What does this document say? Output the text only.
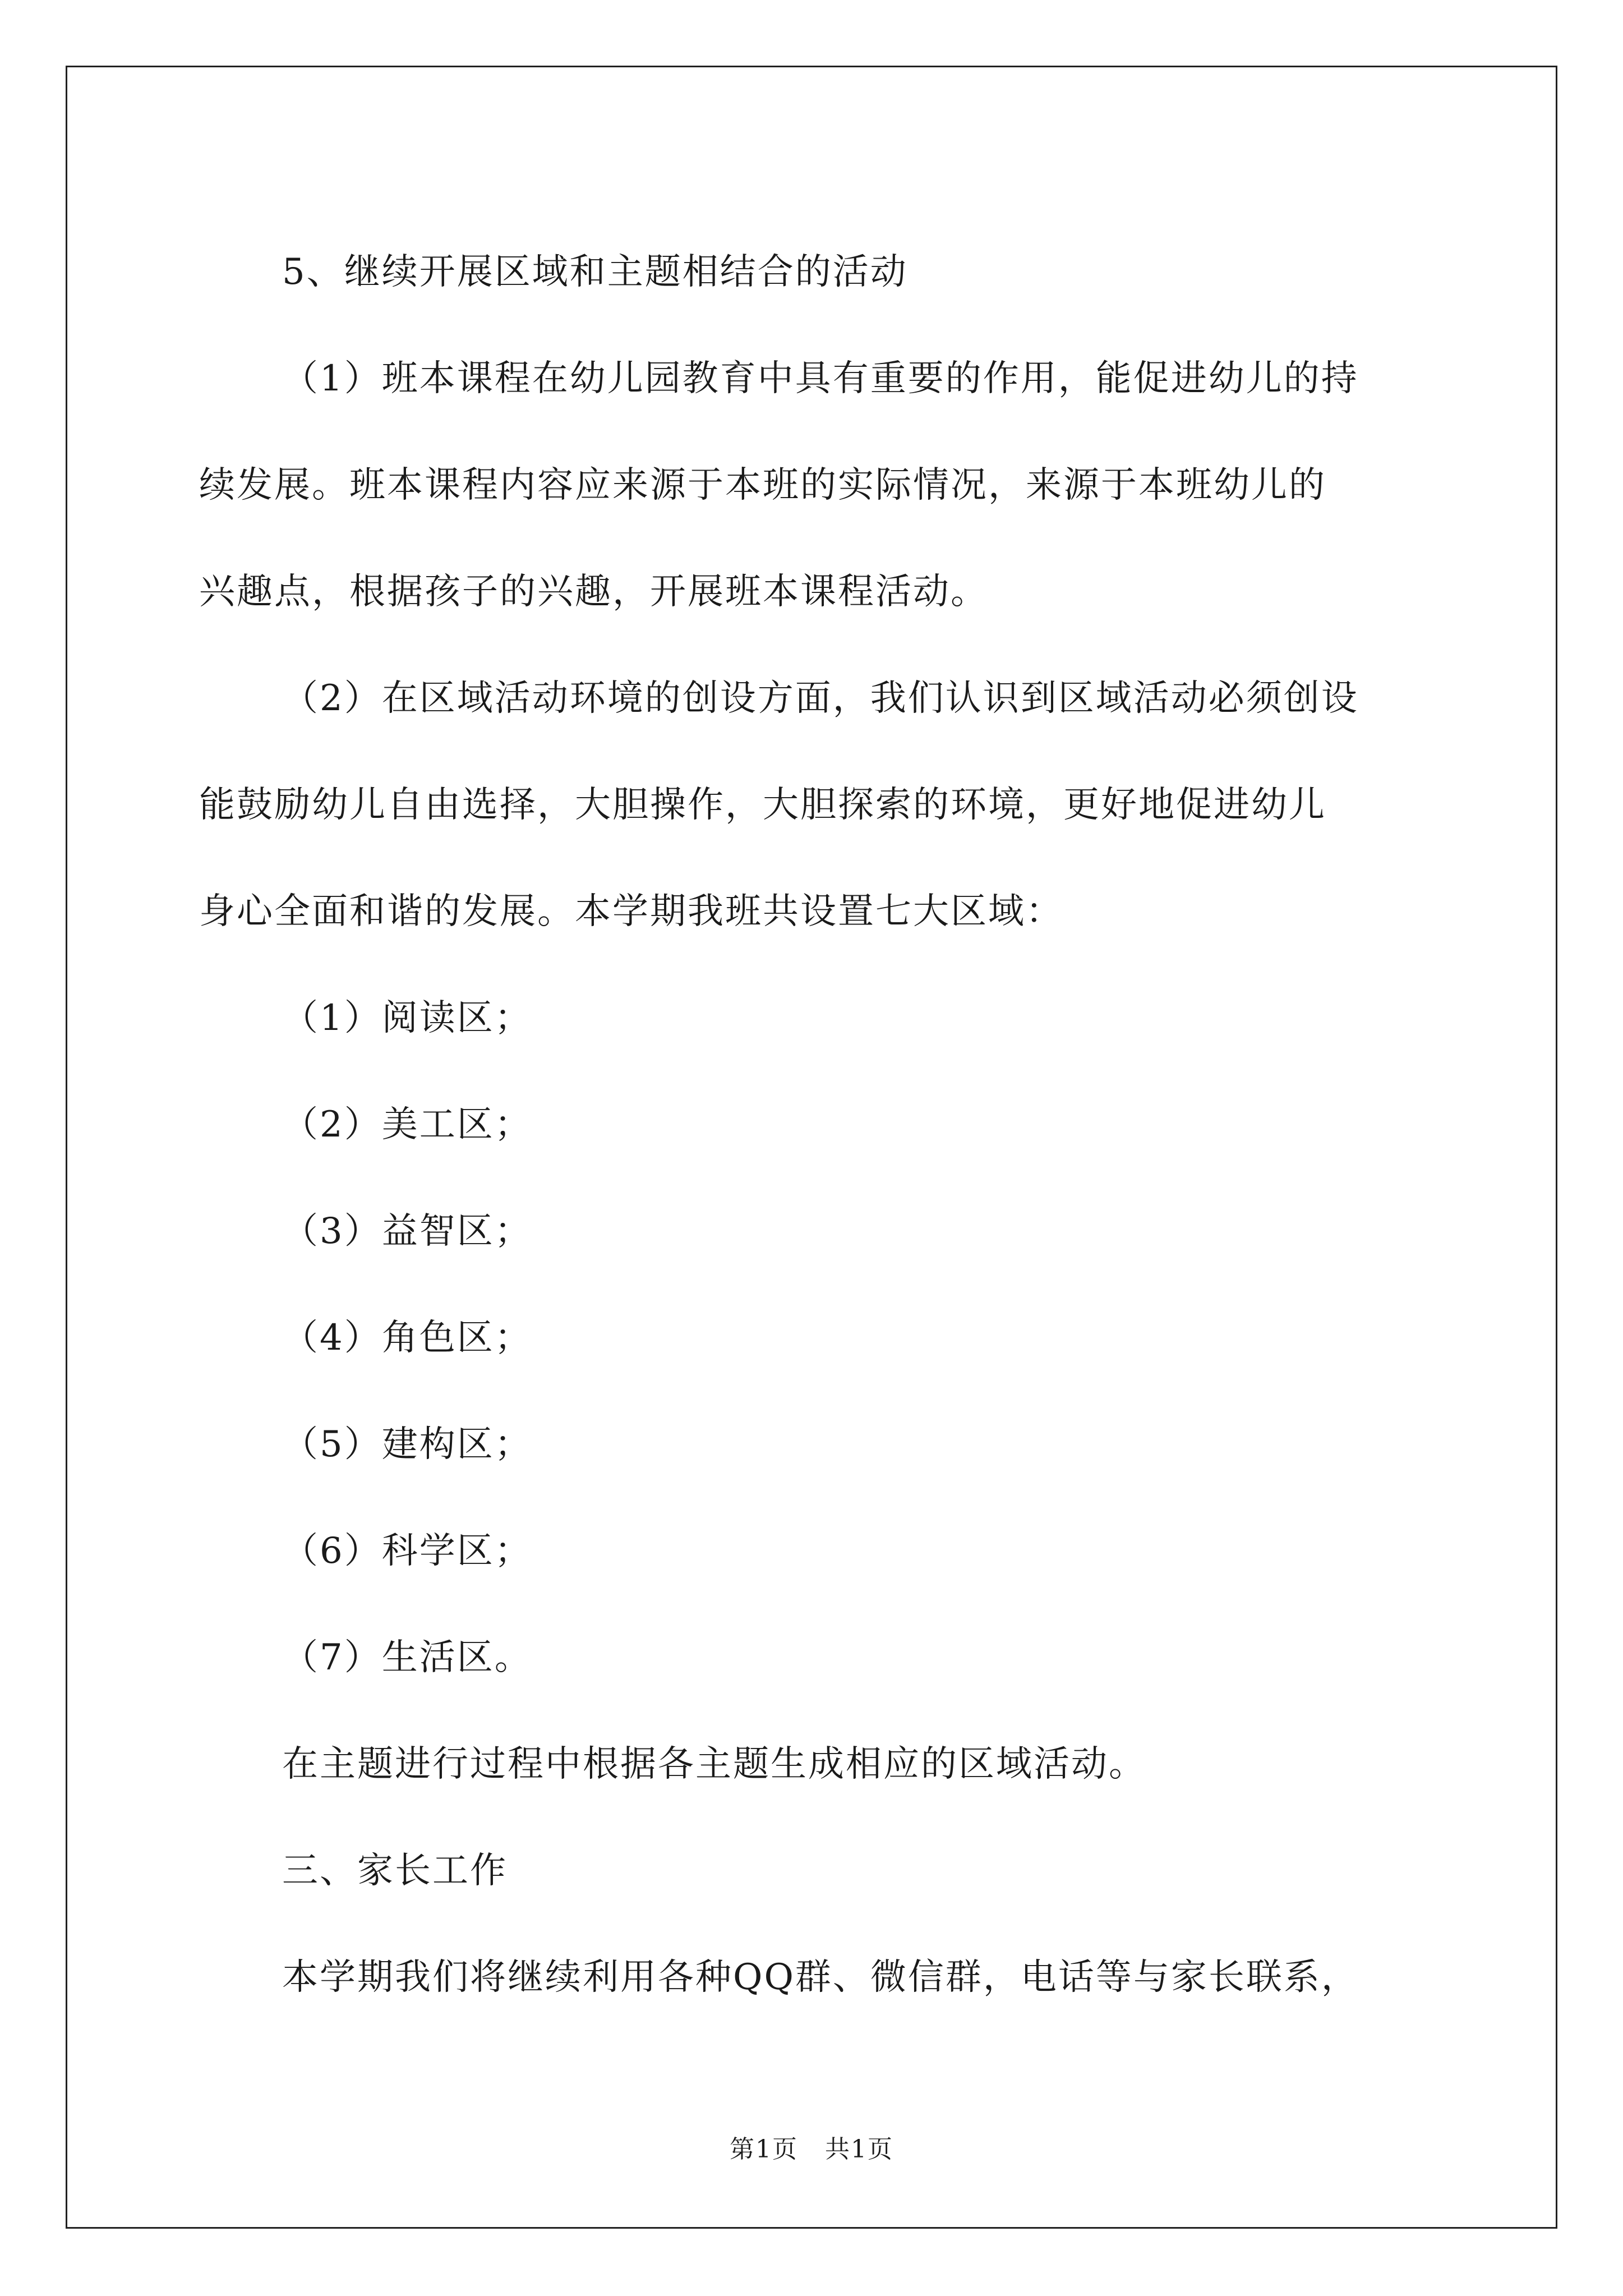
5、继续开展区域和主题相结合的活动

（1）班本课程在幼儿园教育中具有重要的作用，能促进幼儿的持

续发展。班本课程内容应来源于本班的实际情况，来源于本班幼儿的

兴趣点，根据孩子的兴趣，开展班本课程活动。

（2）在区域活动环境的创设方面，我们认识到区域活动必须创设

能鼓励幼儿自由选择，大胆操作，大胆探索的环境，更好地促进幼儿

身心全面和谐的发展。本学期我班共设置七大区域：

（1）阅读区；

（2）美工区；

（3）益智区；

（4）角色区；

（5）建构区；

（6）科学区；

（7）生活区。

在主题进行过程中根据各主题生成相应的区域活动。

三、家长工作

本学期我们将继续利用各种QQ群、微信群，电话等与家长联系，

第1页 共1页
